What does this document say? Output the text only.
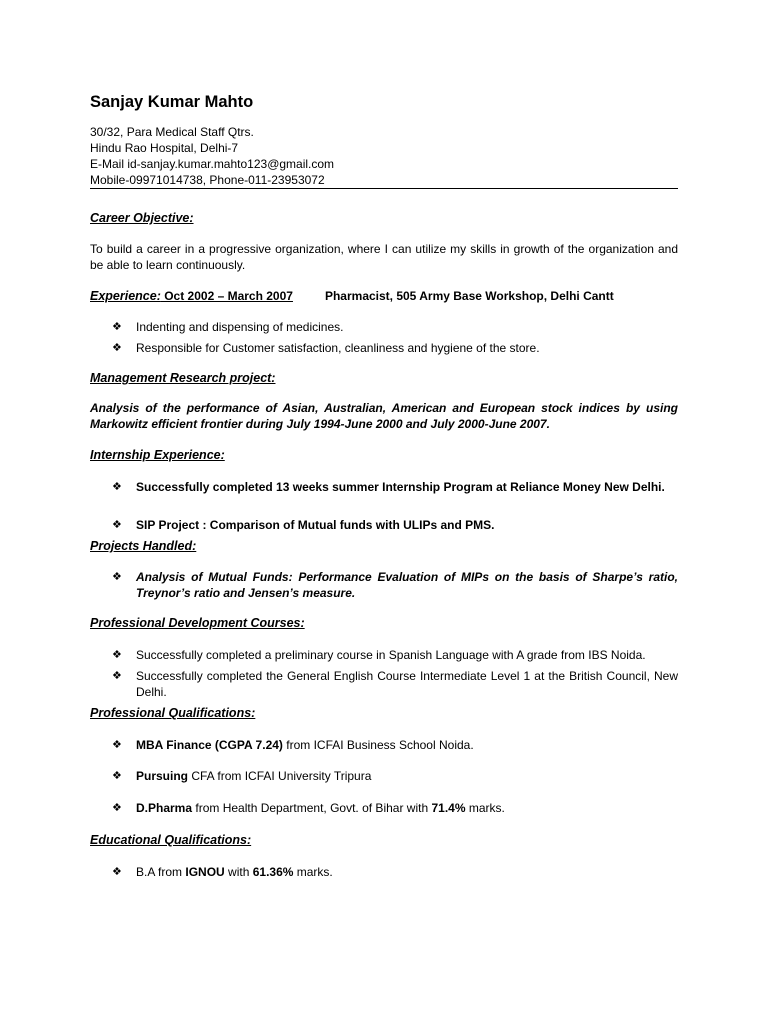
Sanjay Kumar Mahto
30/32, Para Medical Staff Qtrs.
Hindu Rao Hospital, Delhi-7
E-Mail id-sanjay.kumar.mahto123@gmail.com
Mobile-09971014738, Phone-011-23953072
Career Objective:
To build a career in a progressive organization, where I can utilize my skills in growth of the organization and be able to learn continuously.
Experience: Oct 2002 – March 2007	Pharmacist, 505 Army Base Workshop, Delhi Cantt
❖ Indenting and dispensing of medicines.
❖ Responsible for Customer satisfaction, cleanliness and hygiene of the store.
Management Research project:
Analysis of the performance of Asian, Australian, American and European stock indices by using Markowitz efficient frontier during July 1994-June 2000 and July 2000-June 2007.
Internship Experience:
❖ Successfully completed 13 weeks summer Internship Program at Reliance Money New Delhi.
❖ SIP Project : Comparison of Mutual funds with ULIPs and PMS.
Projects Handled:
❖ Analysis of Mutual Funds: Performance Evaluation of MIPs on the basis of Sharpe’s ratio, Treynor’s ratio and Jensen’s measure.
Professional Development Courses:
❖ Successfully completed a preliminary course in Spanish Language with A grade from IBS Noida.
❖ Successfully completed the General English Course Intermediate Level 1 at the British Council, New Delhi.
Professional Qualifications:
❖ MBA Finance (CGPA 7.24) from ICFAI Business School Noida.
❖ Pursuing CFA from ICFAI University Tripura
❖ D.Pharma from Health Department, Govt. of Bihar with 71.4% marks.
Educational Qualifications:
❖ B.A from IGNOU with 61.36% marks.
